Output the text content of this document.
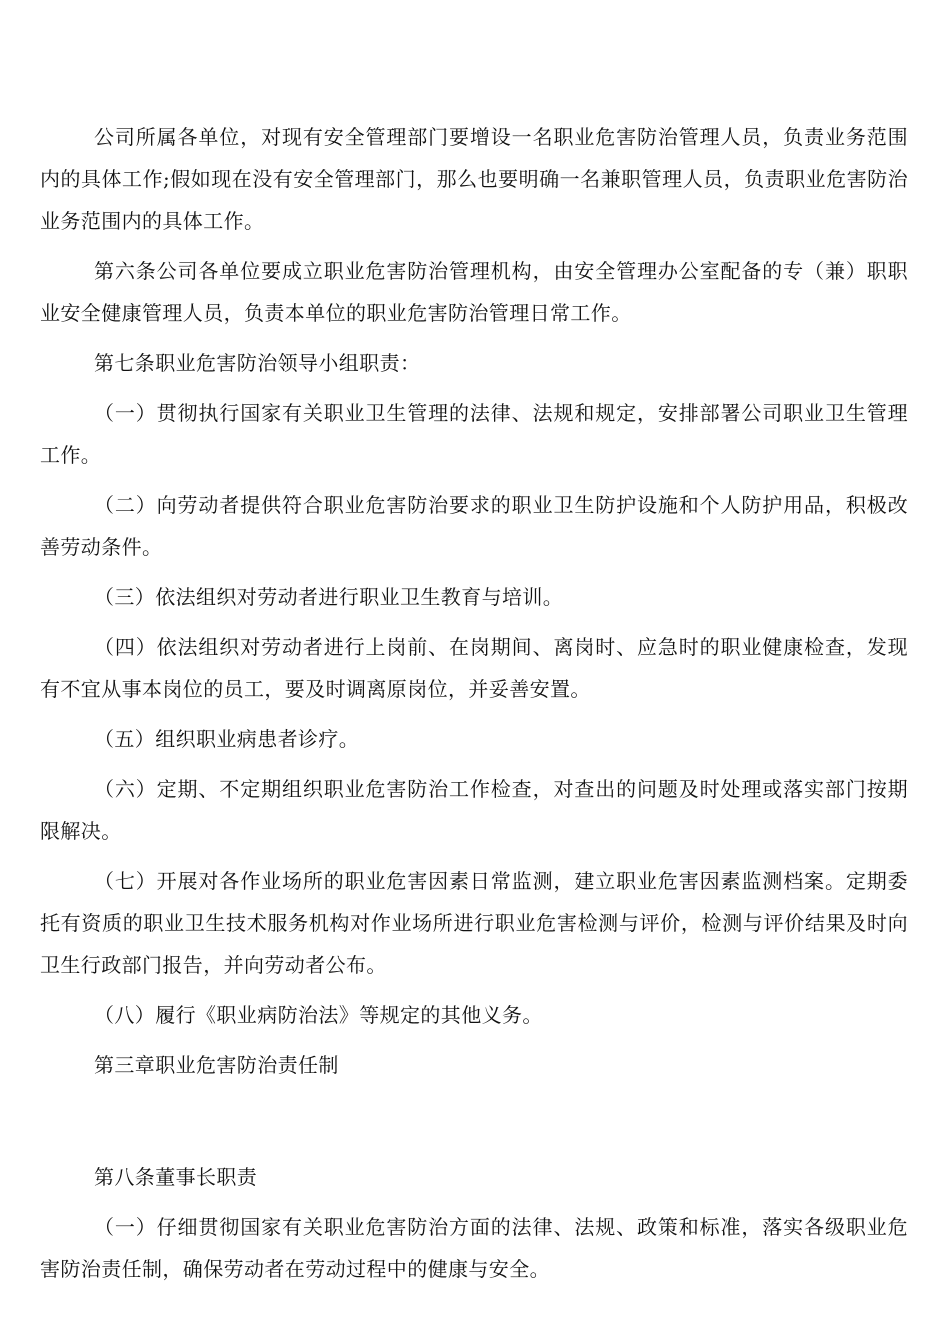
公司所属各单位，对现有安全管理部门要增设一名职业危害防治管理人员，负责业务范围内的具体工作;假如现在没有安全管理部门，那么也要明确一名兼职管理人员，负责职业危害防治业务范围内的具体工作。

第六条公司各单位要成立职业危害防治管理机构，由安全管理办公室配备的专（兼）职职业安全健康管理人员，负责本单位的职业危害防治管理日常工作。

第七条职业危害防治领导小组职责：

（一）贯彻执行国家有关职业卫生管理的法律、法规和规定，安排部署公司职业卫生管理工作。

（二）向劳动者提供符合职业危害防治要求的职业卫生防护设施和个人防护用品，积极改善劳动条件。

（三）依法组织对劳动者进行职业卫生教育与培训。

（四）依法组织对劳动者进行上岗前、在岗期间、离岗时、应急时的职业健康检查，发现有不宜从事本岗位的员工，要及时调离原岗位，并妥善安置。

（五）组织职业病患者诊疗。

（六）定期、不定期组织职业危害防治工作检查，对查出的问题及时处理或落实部门按期限解决。

（七）开展对各作业场所的职业危害因素日常监测，建立职业危害因素监测档案。定期委托有资质的职业卫生技术服务机构对作业场所进行职业危害检测与评价，检测与评价结果及时向卫生行政部门报告，并向劳动者公布。

（八）履行《职业病防治法》等规定的其他义务。

第三章职业危害防治责任制

第八条董事长职责

（一）仔细贯彻国家有关职业危害防治方面的法律、法规、政策和标准，落实各级职业危害防治责任制，确保劳动者在劳动过程中的健康与安全。
